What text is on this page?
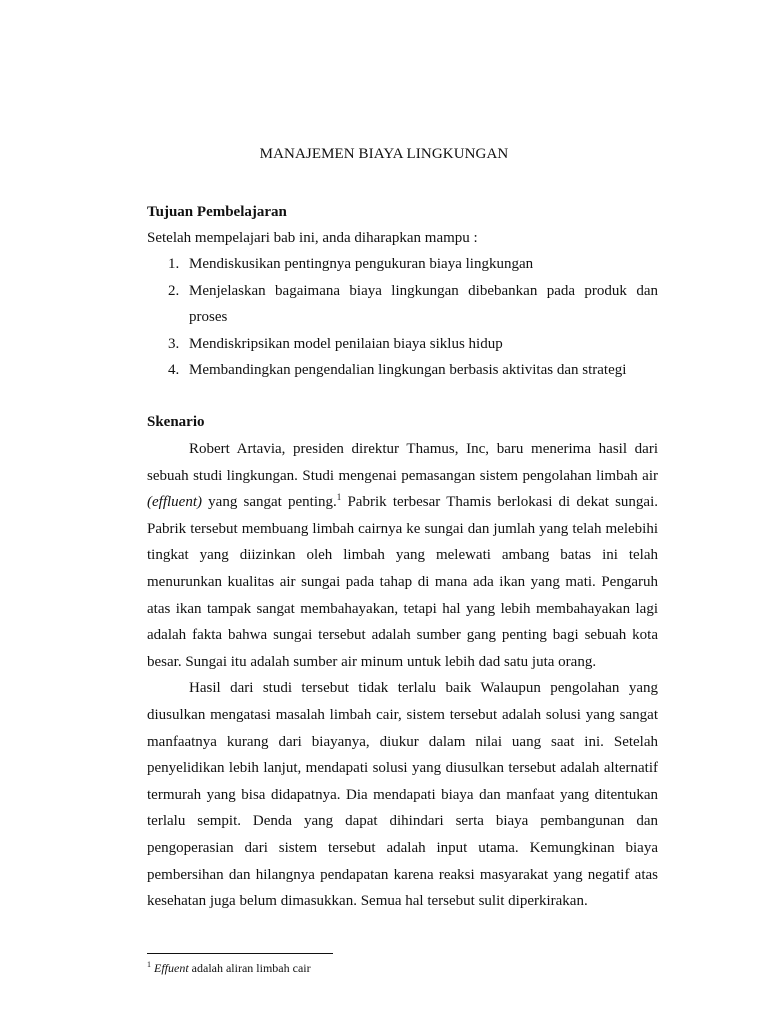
MANAJEMEN BIAYA LINGKUNGAN

Tujuan Pembelajaran

Setelah mempelajari bab ini, anda diharapkan mampu :

1. Mendiskusikan pentingnya pengukuran biaya lingkungan
2. Menjelaskan bagaimana biaya lingkungan dibebankan pada produk dan proses
3. Mendiskripsikan model penilaian biaya siklus hidup
4. Membandingkan pengendalian lingkungan berbasis aktivitas dan strategi

Skenario

Robert Artavia, presiden direktur Thamus, Inc, baru menerima hasil dari sebuah studi lingkungan. Studi mengenai pemasangan sistem pengolahan limbah air (effluent) yang sangat penting.$^1$ Pabrik terbesar Thamis berlokasi di dekat sungai. Pabrik tersebut membuang limbah cairnya ke sungai dan jumlah yang telah melebihi tingkat yang diizinkan oleh limbah yang melewati ambang batas ini telah menurunkan kualitas air sungai pada tahap di mana ada ikan yang mati. Pengaruh atas ikan tampak sangat membahayakan, tetapi hal yang lebih membahayakan lagi adalah fakta bahwa sungai tersebut adalah sumber gang penting bagi sebuah kota besar. Sungai itu adalah sumber air minum untuk lebih dad satu juta orang.

Hasil dari studi tersebut tidak terlalu baik Walaupun pengolahan yang diusulkan mengatasi masalah limbah cair, sistem tersebut adalah solusi yang sangat manfaatnya kurang dari biayanya, diukur dalam nilai uang saat ini. Setelah penyelidikan lebih lanjut, mendapati solusi yang diusulkan tersebut adalah alternatif termurah yang bisa didapatnya. Dia mendapati biaya dan manfaat yang ditentukan terlalu sempit. Denda yang dapat dihindari serta biaya pembangunan dan pengoperasian dari sistem tersebut adalah input utama. Kemungkinan biaya pembersihan dan hilangnya pendapatan karena reaksi masyarakat yang negatif atas kesehatan juga belum dimasukkan. Semua hal tersebut sulit diperkirakan.

$^1$ Effuent adalah aliran limbah cair
